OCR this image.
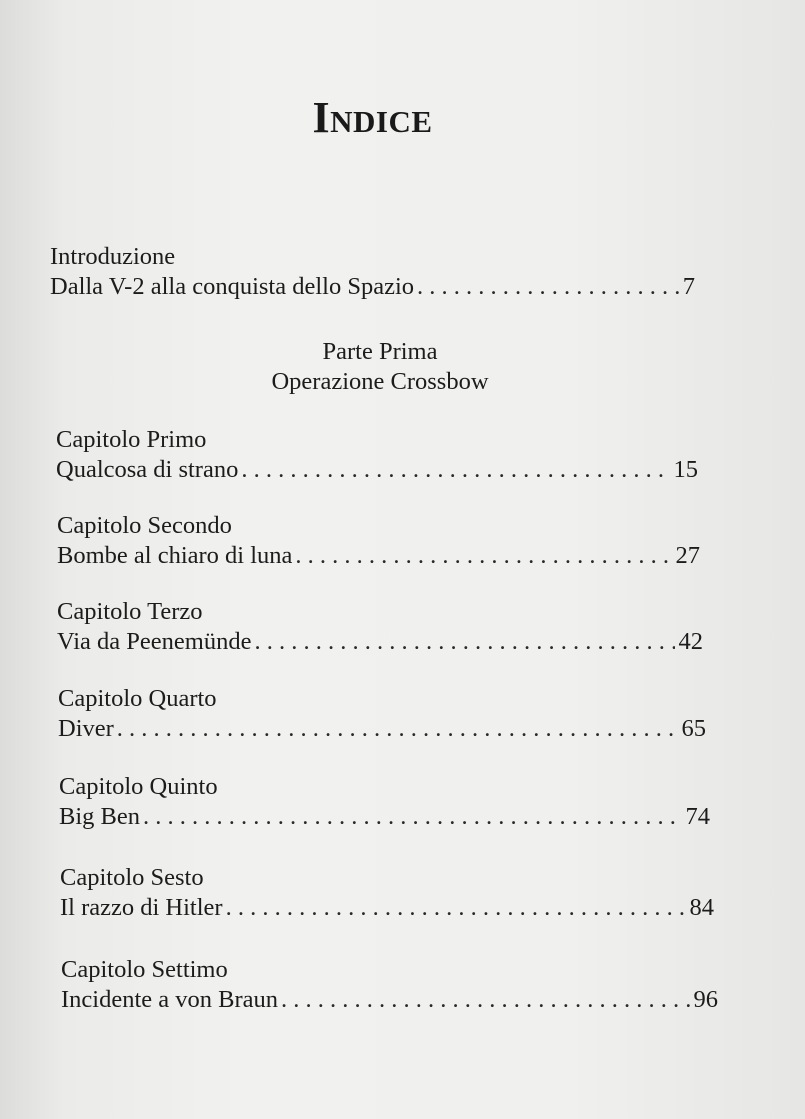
Indice
Introduzione
Dalla V-2 alla conquista dello Spazio . . .	7
Parte Prima
Operazione Crossbow
Capitolo Primo
Qualcosa di strano . . .	15
Capitolo Secondo
Bombe al chiaro di luna . . .	27
Capitolo Terzo
Via da Peenemünde . . .	42
Capitolo Quarto
Diver . . .	65
Capitolo Quinto
Big Ben . . .	74
Capitolo Sesto
Il razzo di Hitler . . .	84
Capitolo Settimo
Incidente a von Braun . . .	96
